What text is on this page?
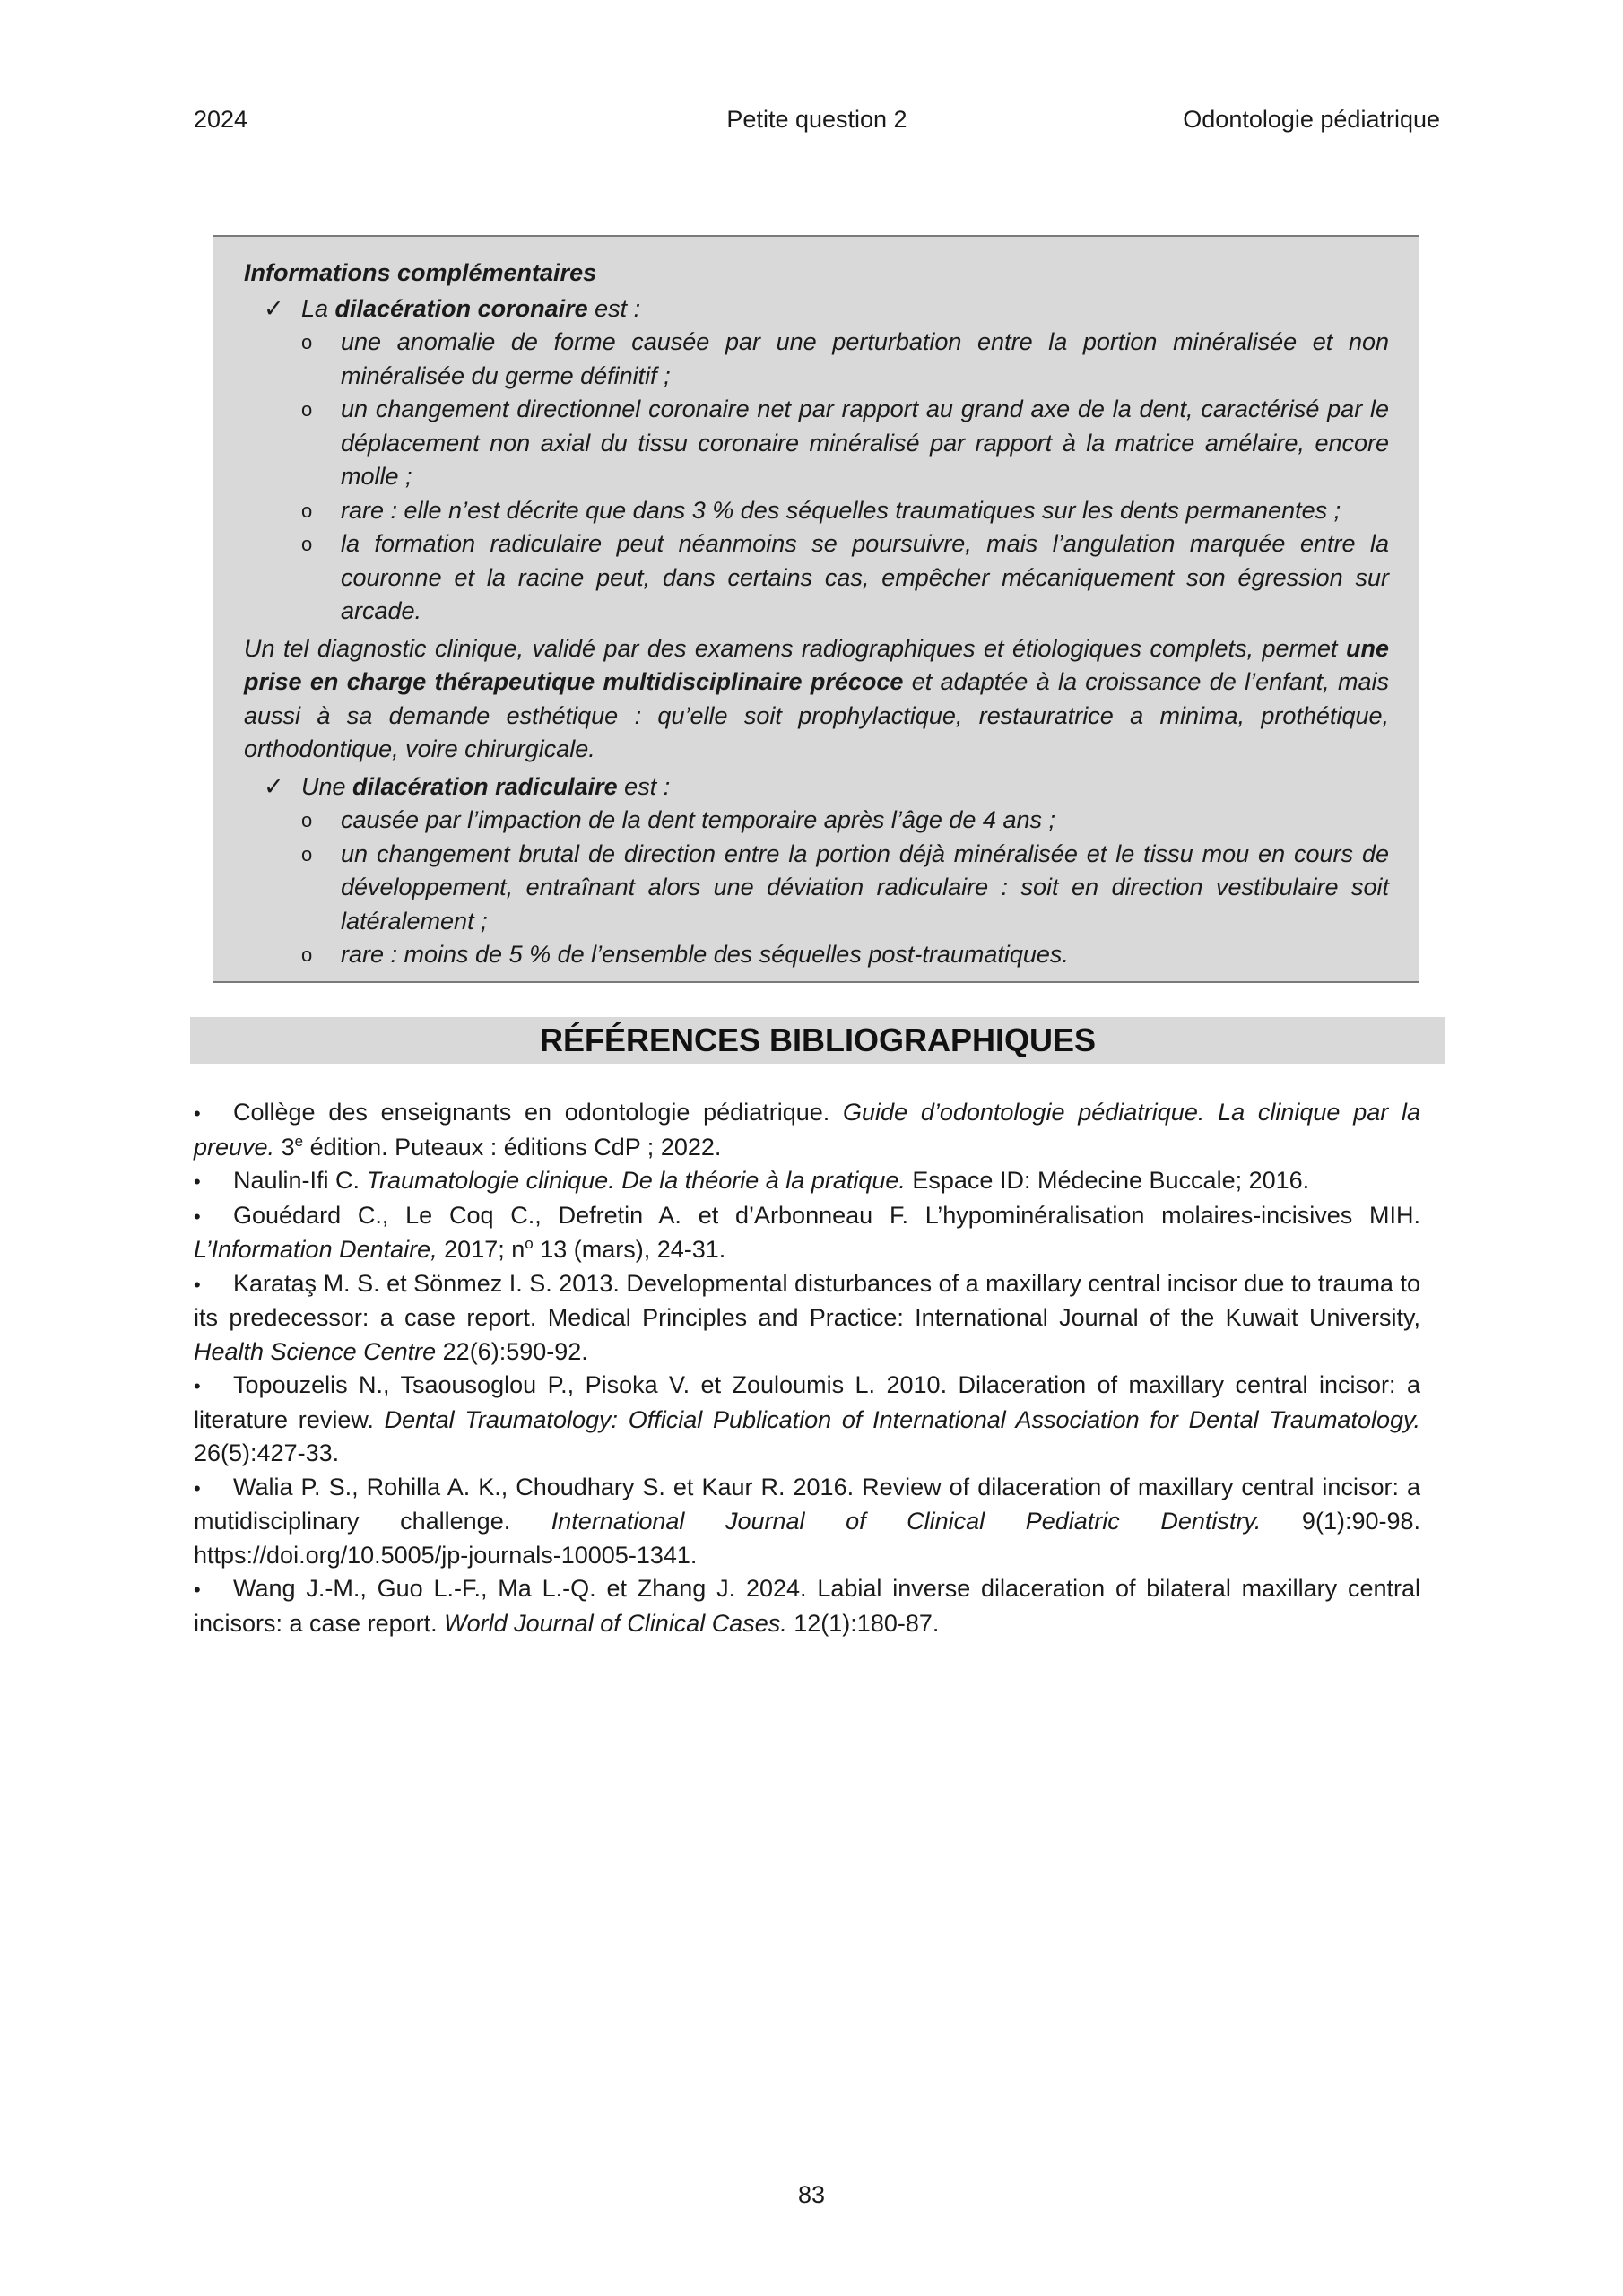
2024	Petite question 2	Odontologie pédiatrique
Informations complémentaires
✓ La dilacération coronaire est :
o une anomalie de forme causée par une perturbation entre la portion minéralisée et non minéralisée du germe définitif ;
o un changement directionnel coronaire net par rapport au grand axe de la dent, caractérisé par le déplacement non axial du tissu coronaire minéralisé par rapport à la matrice amélaire, encore molle ;
o rare : elle n’est décrite que dans 3 % des séquelles traumatiques sur les dents permanentes ;
o la formation radiculaire peut néanmoins se poursuivre, mais l’angulation marquée entre la couronne et la racine peut, dans certains cas, empêcher mécaniquement son égression sur arcade.
Un tel diagnostic clinique, validé par des examens radiographiques et étiologiques complets, permet une prise en charge thérapeutique multidisciplinaire précoce et adaptée à la croissance de l’enfant, mais aussi à sa demande esthétique : qu’elle soit prophylactique, restauratrice a minima, prothétique, orthodontique, voire chirurgicale.
✓ Une dilacération radiculaire est :
o causée par l’impaction de la dent temporaire après l’âge de 4 ans ;
o un changement brutal de direction entre la portion déjà minéralisée et le tissu mou en cours de développement, entraînant alors une déviation radiculaire : soit en direction vestibulaire soit latéralement ;
o rare : moins de 5 % de l’ensemble des séquelles post-traumatiques.
RÉFÉRENCES BIBLIOGRAPHIQUES
• Collège des enseignants en odontologie pédiatrique. Guide d’odontologie pédiatrique. La clinique par la preuve. 3e édition. Puteaux : éditions CdP ; 2022.
• Naulin-Ifi C. Traumatologie clinique. De la théorie à la pratique. Espace ID: Médecine Buccale; 2016.
• Gouédard C., Le Coq C., Defretin A. et d’Arbonneau F. L’hypominéralisation molaires-incisives MIH. L’Information Dentaire, 2017; $n^o$ 13 (mars), 24-31.
• Karataş M. S. et Sönmez I. S. 2013. Developmental disturbances of a maxillary central incisor due to trauma to its predecessor: a case report. Medical Principles and Practice: International Journal of the Kuwait University, Health Science Centre 22(6):590-92.
• Topouzelis N., Tsaousoglou P., Pisoka V. et Zouloumis L. 2010. Dilaceration of maxillary central incisor: a literature review. Dental Traumatology: Official Publication of International Association for Dental Traumatology. 26(5):427-33.
• Walia P. S., Rohilla A. K., Choudhary S. et Kaur R. 2016. Review of dilaceration of maxillary central incisor: a mutidisciplinary challenge. International Journal of Clinical Pediatric Dentistry. 9(1):90-98. https://doi.org/10.5005/jp-journals-10005-1341.
• Wang J.-M., Guo L.-F., Ma L.-Q. et Zhang J. 2024. Labial inverse dilaceration of bilateral maxillary central incisors: a case report. World Journal of Clinical Cases. 12(1):180-87.
83
